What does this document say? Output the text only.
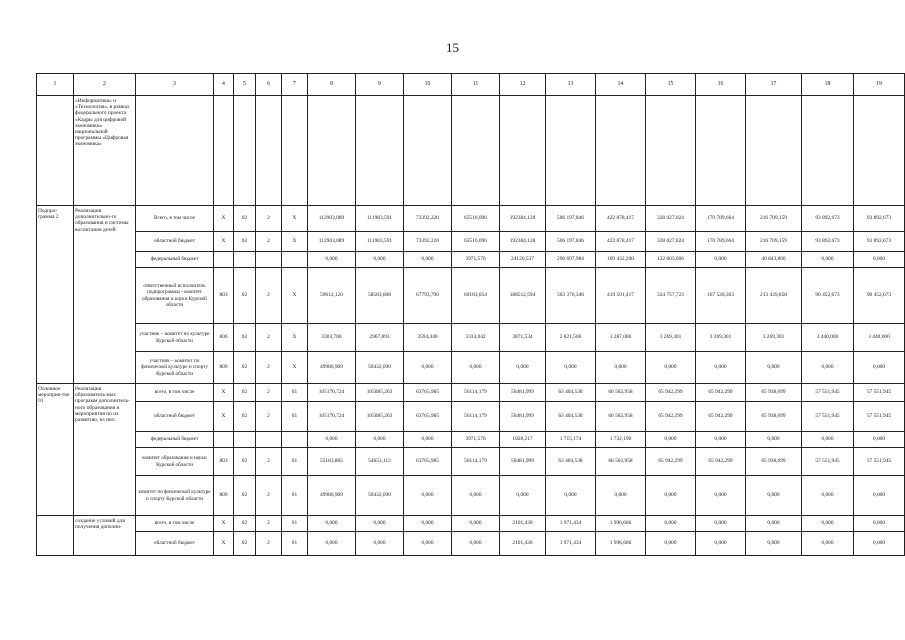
15
1	2	3	4	5	6	7	8	9	10	11	12	13	14	15	16	17	18	19
	«Информатика» и «Технология», в рамках федерального проекта «Кадры для цифровой экономики» национальной программы «Цифровая экономика»																	
Подпро-грамма 2	Реализация дополнительно-го образования и системы воспитания детей	Всего, в том числе	Х	02	2	Х	112903,089	111983,591	73392,220	65516,096	192384,128	506 197,846	422 878,417	328 027,024	170 789,664	216 709,159	93 892,673	93 892,673
		областной бюджет	Х	02	2	Х	112903,089	111983,591	73392,220	65516,096	192384,128	506 197,846	422 878,417	328 027,024	170 789,664	216 709,159	93 892,673	93 892,673
		федеральный бюджет					0,000	0,000	0,000	3971,570	24120,537	296 697,984	109 432,200	122 603,006	0,000	40 843,800	0,000	0,000
		ответственный исполнитель подпрограммы - комитет образования и науки Курской области	803	02	2	Х	59612,120	58583,608	67793,790	60183,054	188512,594	503 376,346	419 591,417	324 757,723	167 520,363	213 439,858	90 452,673	90 452,673
		участник – комитет по культуре Курской области	806	02	2	Х	3303,700	2967,893	3594,440	3333,042	3871,534	2 821,500	3 287,000	3 269,301	3 269,301	3 269,301	3 440,000	3 440,000
		участник – комитет по физической культуре и спорту Курской области	809	02	2	Х	49986,969	50432,090	0,000	0,000	0,000	0,000	0,000	0,000	0,000	0,000	0,000	0,000
Основное мероприя-тие 01	Реализация образователь-ных программ дополнитель-ного образования и мероприятия по их развитию, из них:	всего, в том числе	Х	02	2	01	105170,724	105085,203	63765,985	56114,179	56481,999	63 404,538	66 502,958	65 942,299	65 942,299	65 938,699	57 551,945	57 551,945
		областной бюджет	Х	02	2	01	105170,724	105085,203	63765,985	56114,179	56481,999	63 404,538	66 502,958	65 942,299	65 942,299	65 938,699	57 551,945	57 551,945
		федеральный бюджет					0,000	0,000	0,000	3971,570	1828,217	1 715,174	1 732,190	0,000	0,000	0,000	0,000	0,000
		комитет образования и науки Курской области	803	02	2	01	55183,805	54653,113	63765,985	56114,179	56481,999	63 404,538	66 502,958	65 942,299	65 942,299	65 938,699	57 551,945	57 551,945
		комитет по физической культуре и спорту Курской области	809	02	2	01	49986,969	50432,090	0,000	0,000	0,000	0,000	0,000	0,000	0,000	0,000	0,000	0,000
	создание условий для получения дополни-	всего, в том числе	Х	02	2	01	0,000	0,000	0,000	0,000	2101,430	1 971,434	1 996,666	0,000	0,000	0,000	0,000	0,000
		областной бюджет	Х	02	2	01	0,000	0,000	0,000	0,000	2101,430	1 971,434	1 996,666	0,000	0,000	0,000	0,000	0,000
